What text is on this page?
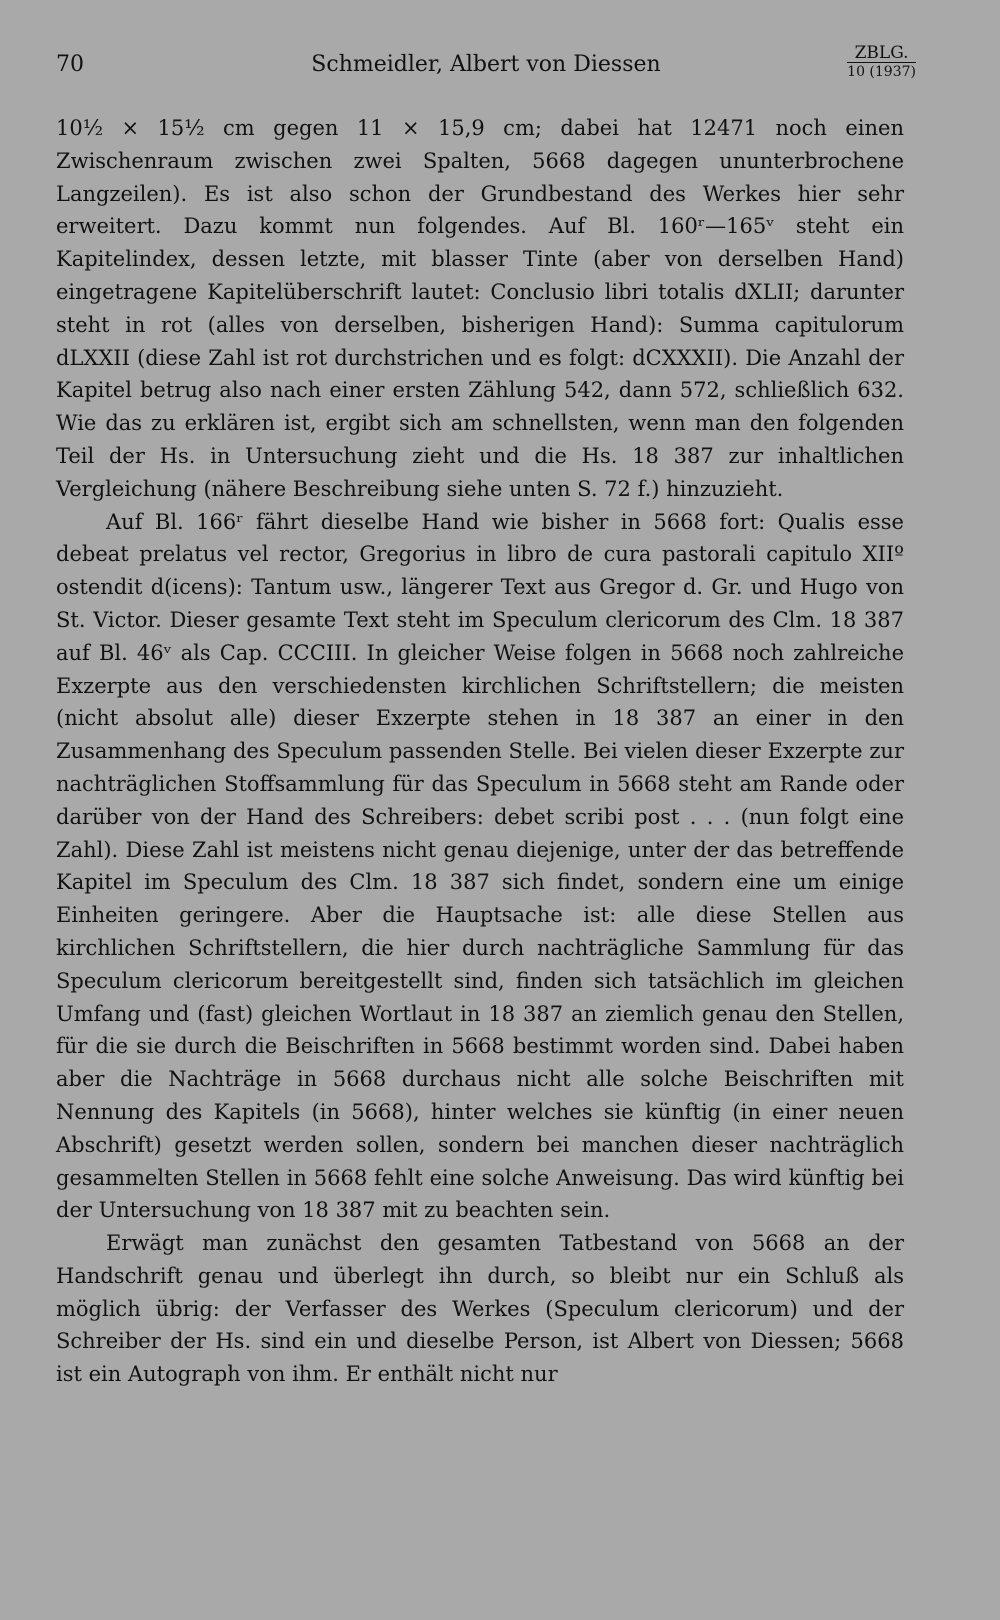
70	Schmeidler, Albert von Diessen	ZBLG.
10 (1937)

10½ × 15½ cm gegen 11 × 15,9 cm; dabei hat 12471 noch einen Zwischenraum zwischen zwei Spalten, 5668 dagegen ununterbrochene Langzeilen). Es ist also schon der Grundbestand des Werkes hier sehr erweitert. Dazu kommt nun folgendes. Auf Bl. 160ʳ—165ᵛ steht ein Kapitelindex, dessen letzte, mit blasser Tinte (aber von derselben Hand) eingetragene Kapitelüberschrift lautet: Conclusio libri totalis dXLII; darunter steht in rot (alles von derselben, bisherigen Hand): Summa capitulorum dLXXII (diese Zahl ist rot durchstrichen und es folgt: dCXXXII). Die Anzahl der Kapitel betrug also nach einer ersten Zählung 542, dann 572, schließlich 632. Wie das zu erklären ist, ergibt sich am schnellsten, wenn man den folgenden Teil der Hs. in Untersuchung zieht und die Hs. 18 387 zur inhaltlichen Vergleichung (nähere Beschreibung siehe unten S. 72 f.) hinzuzieht.

Auf Bl. 166ʳ fährt dieselbe Hand wie bisher in 5668 fort: Qualis esse debeat prelatus vel rector, Gregorius in libro de cura pastorali capitulo XIIº ostendit d(icens): Tantum usw., längerer Text aus Gregor d. Gr. und Hugo von St. Victor. Dieser gesamte Text steht im Speculum clericorum des Clm. 18 387 auf Bl. 46ᵛ als Cap. CCCIII. In gleicher Weise folgen in 5668 noch zahlreiche Exzerpte aus den verschiedensten kirchlichen Schriftstellern; die meisten (nicht absolut alle) dieser Exzerpte stehen in 18 387 an einer in den Zusammenhang des Speculum passenden Stelle. Bei vielen dieser Exzerpte zur nachträglichen Stoffsammlung für das Speculum in 5668 steht am Rande oder darüber von der Hand des Schreibers: debet scribi post . . . (nun folgt eine Zahl). Diese Zahl ist meistens nicht genau diejenige, unter der das betreffende Kapitel im Speculum des Clm. 18 387 sich findet, sondern eine um einige Einheiten geringere. Aber die Hauptsache ist: alle diese Stellen aus kirchlichen Schriftstellern, die hier durch nachträgliche Sammlung für das Speculum clericorum bereitgestellt sind, finden sich tatsächlich im gleichen Umfang und (fast) gleichen Wortlaut in 18 387 an ziemlich genau den Stellen, für die sie durch die Beischriften in 5668 bestimmt worden sind. Dabei haben aber die Nachträge in 5668 durchaus nicht alle solche Beischriften mit Nennung des Kapitels (in 5668), hinter welches sie künftig (in einer neuen Abschrift) gesetzt werden sollen, sondern bei manchen dieser nachträglich gesammelten Stellen in 5668 fehlt eine solche Anweisung. Das wird künftig bei der Untersuchung von 18 387 mit zu beachten sein.

Erwägt man zunächst den gesamten Tatbestand von 5668 an der Handschrift genau und überlegt ihn durch, so bleibt nur ein Schluß als möglich übrig: der Verfasser des Werkes (Speculum clericorum) und der Schreiber der Hs. sind ein und dieselbe Person, ist Albert von Diessen; 5668 ist ein Autograph von ihm. Er enthält nicht nur
